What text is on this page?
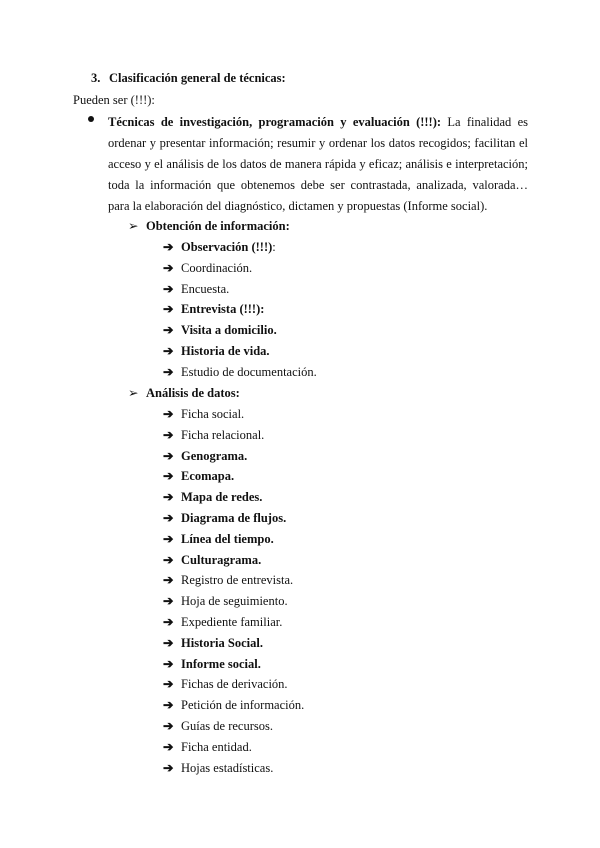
3. Clasificación general de técnicas:
Pueden ser (!!!):
Técnicas de investigación, programación y evaluación (!!!): La finalidad es ordenar y presentar información; resumir y ordenar los datos recogidos; facilitan el acceso y el análisis de los datos de manera rápida y eficaz; análisis e interpretación; toda la información que obtenemos debe ser contrastada, analizada, valorada… para la elaboración del diagnóstico, dictamen y propuestas (Informe social).
➢ Obtención de información:
➔ Observación (!!!):
➔ Coordinación.
➔ Encuesta.
➔ Entrevista (!!!):
➔ Visita a domicilio.
➔ Historia de vida.
➔ Estudio de documentación.
➢ Análisis de datos:
➔ Ficha social.
➔ Ficha relacional.
➔ Genograma.
➔ Ecomapa.
➔ Mapa de redes.
➔ Diagrama de flujos.
➔ Línea del tiempo.
➔ Culturagrama.
➔ Registro de entrevista.
➔ Hoja de seguimiento.
➔ Expediente familiar.
➔ Historia Social.
➔ Informe social.
➔ Fichas de derivación.
➔ Petición de información.
➔ Guías de recursos.
➔ Ficha entidad.
➔ Hojas estadísticas.
